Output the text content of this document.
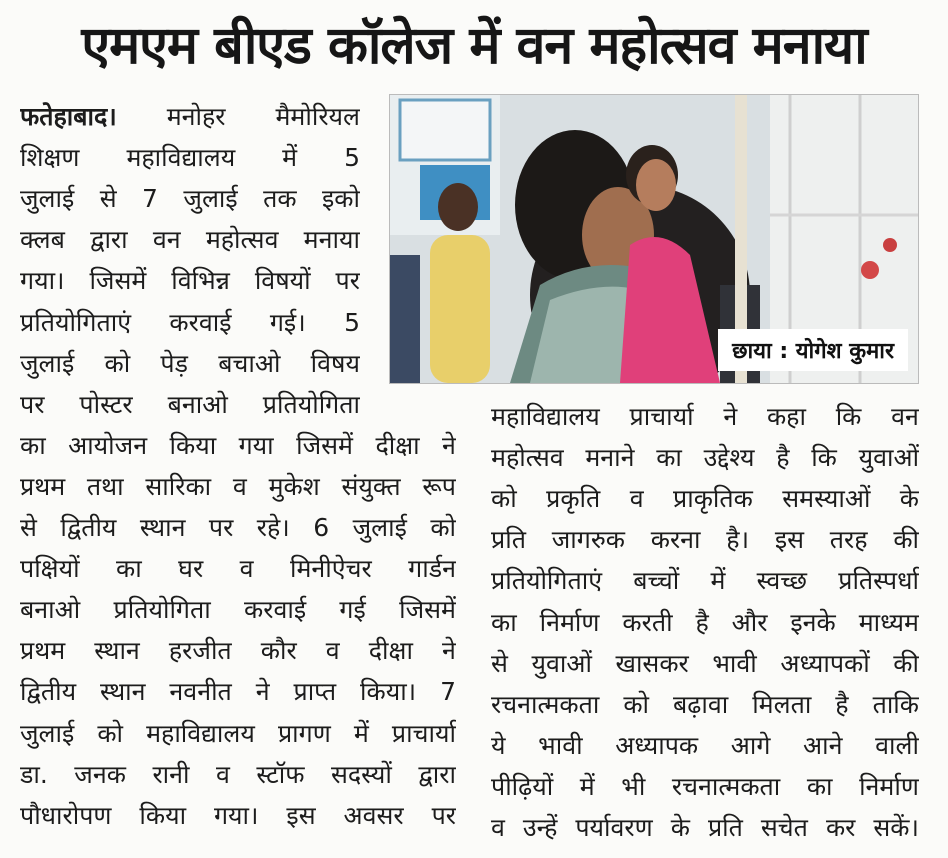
एमएम बीएड कॉलेज में वन महोत्सव मनाया
छाया : योगेश कुमार
फतेहाबाद। मनोहर मैमोरियल
शिक्षण महाविद्यालय में 5
जुलाई से 7 जुलाई तक इको
क्लब द्वारा वन महोत्सव मनाया
गया। जिसमें विभिन्न विषयों पर
प्रतियोगिताएं करवाई गई। 5
जुलाई को पेड़ बचाओ विषय
पर पोस्टर बनाओ प्रतियोगिता
का आयोजन किया गया जिसमें दीक्षा ने
प्रथम तथा सारिका व मुकेश संयुक्त रूप
से द्वितीय स्थान पर रहे। 6 जुलाई को
पक्षियों का घर व मिनीऐचर गार्डन
बनाओ प्रतियोगिता करवाई गई जिसमें
प्रथम स्थान हरजीत कौर व दीक्षा ने
द्वितीय स्थान नवनीत ने प्राप्त किया। 7
जुलाई को महाविद्यालय प्रागण में प्राचार्या
डा. जनक रानी व स्टॉफ सदस्यों द्वारा
पौधारोपण किया गया। इस अवसर पर
महाविद्यालय प्राचार्या ने कहा कि वन
महोत्सव मनाने का उद्देश्य है कि युवाओं
को प्रकृति व प्राकृतिक समस्याओं के
प्रति जागरुक करना है। इस तरह की
प्रतियोगिताएं बच्चों में स्वच्छ प्रतिस्पर्धा
का निर्माण करती है और इनके माध्यम
से युवाओं खासकर भावी अध्यापकों की
रचनात्मकता को बढ़ावा मिलता है ताकि
ये भावी अध्यापक आगे आने वाली
पीढ़ियों में भी रचनात्मकता का निर्माण
व उन्हें पर्यावरण के प्रति सचेत कर सकें।
